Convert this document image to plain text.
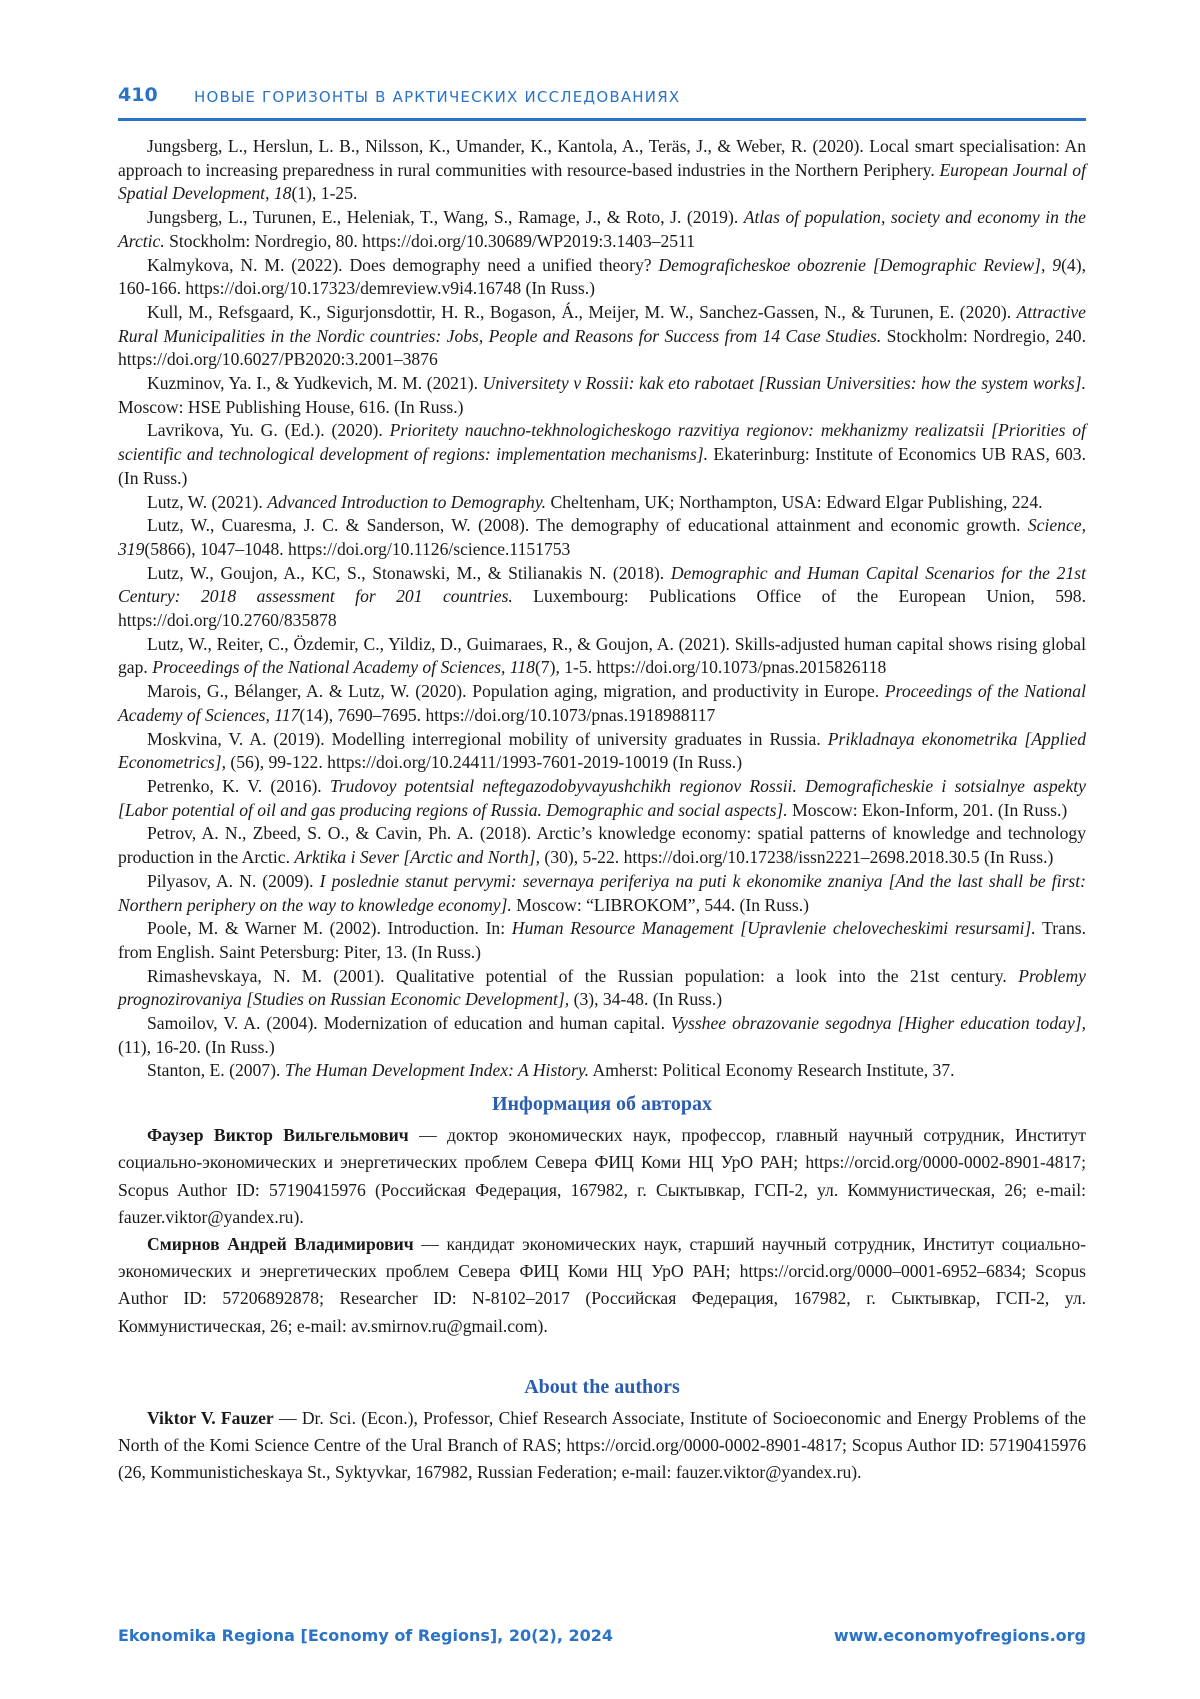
410 НОВЫЕ ГОРИЗОНТЫ В АРКТИЧЕСКИХ ИССЛЕДОВАНИЯХ

Jungsberg, L., Herslun, L. B., Nilsson, K., Umander, K., Kantola, A., Teräs, J., & Weber, R. (2020). Local smart specialisation: An approach to increasing preparedness in rural communities with resource-based industries in the Northern Periphery. European Journal of Spatial Development, 18(1), 1-25.

Jungsberg, L., Turunen, E., Heleniak, T., Wang, S., Ramage, J., & Roto, J. (2019). Atlas of population, society and economy in the Arctic. Stockholm: Nordregio, 80. https://doi.org/10.30689/WP2019:3.1403–2511

Kalmykova, N. M. (2022). Does demography need a unified theory? Demograficheskoe obozrenie [Demographic Review], 9(4), 160-166. https://doi.org/10.17323/demreview.v9i4.16748 (In Russ.)

Kull, M., Refsgaard, K., Sigurjonsdottir, H. R., Bogason, Á., Meijer, M. W., Sanchez-Gassen, N., & Turunen, E. (2020). Attractive Rural Municipalities in the Nordic countries: Jobs, People and Reasons for Success from 14 Case Studies. Stockholm: Nordregio, 240. https://doi.org/10.6027/PB2020:3.2001–3876

Kuzminov, Ya. I., & Yudkevich, M. M. (2021). Universitety v Rossii: kak eto rabotaet [Russian Universities: how the system works]. Moscow: HSE Publishing House, 616. (In Russ.)

Lavrikova, Yu. G. (Ed.). (2020). Prioritety nauchno-tekhnologicheskogo razvitiya regionov: mekhanizmy realizatsii [Priorities of scientific and technological development of regions: implementation mechanisms]. Ekaterinburg: Institute of Economics UB RAS, 603. (In Russ.)

Lutz, W. (2021). Advanced Introduction to Demography. Cheltenham, UK; Northampton, USA: Edward Elgar Publishing, 224.

Lutz, W., Cuaresma, J. C. & Sanderson, W. (2008). The demography of educational attainment and economic growth. Science, 319(5866), 1047–1048. https://doi.org/10.1126/science.1151753

Lutz, W., Goujon, A., KC, S., Stonawski, M., & Stilianakis N. (2018). Demographic and Human Capital Scenarios for the 21st Century: 2018 assessment for 201 countries. Luxembourg: Publications Office of the European Union, 598. https://doi.org/10.2760/835878

Lutz, W., Reiter, C., Özdemir, C., Yildiz, D., Guimaraes, R., & Goujon, A. (2021). Skills-adjusted human capital shows rising global gap. Proceedings of the National Academy of Sciences, 118(7), 1-5. https://doi.org/10.1073/pnas.2015826118

Marois, G., Bélanger, A. & Lutz, W. (2020). Population aging, migration, and productivity in Europe. Proceedings of the National Academy of Sciences, 117(14), 7690–7695. https://doi.org/10.1073/pnas.1918988117

Moskvina, V. A. (2019). Modelling interregional mobility of university graduates in Russia. Prikladnaya ekonometrika [Applied Econometrics], (56), 99-122. https://doi.org/10.24411/1993-7601-2019-10019 (In Russ.)

Petrenko, K. V. (2016). Trudovoy potentsial neftegazodobyvayushchikh regionov Rossii. Demograficheskie i sotsialnye aspekty [Labor potential of oil and gas producing regions of Russia. Demographic and social aspects]. Moscow: Ekon-Inform, 201. (In Russ.)

Petrov, A. N., Zbeed, S. O., & Cavin, Ph. A. (2018). Arctic’s knowledge economy: spatial patterns of knowledge and technology production in the Arctic. Arktika i Sever [Arctic and North], (30), 5-22. https://doi.org/10.17238/issn2221–2698.2018.30.5 (In Russ.)

Pilyasov, A. N. (2009). I poslednie stanut pervymi: severnaya periferiya na puti k ekonomike znaniya [And the last shall be first: Northern periphery on the way to knowledge economy]. Moscow: “LIBROKOM”, 544. (In Russ.)

Poole, M. & Warner M. (2002). Introduction. In: Human Resource Management [Upravlenie chelovecheskimi resursami]. Trans. from English. Saint Petersburg: Piter, 13. (In Russ.)

Rimashevskaya, N. M. (2001). Qualitative potential of the Russian population: a look into the 21st century. Problemy prognozirovaniya [Studies on Russian Economic Development], (3), 34-48. (In Russ.)

Samoilov, V. A. (2004). Modernization of education and human capital. Vysshee obrazovanie segodnya [Higher education today], (11), 16-20. (In Russ.)

Stanton, E. (2007). The Human Development Index: A History. Amherst: Political Economy Research Institute, 37.

Информация об авторах

Фаузер Виктор Вильгельмович — доктор экономических наук, профессор, главный научный сотрудник, Институт социально-экономических и энергетических проблем Севера ФИЦ Коми НЦ УрО РАН; https://orcid.org/0000-0002-8901-4817; Scopus Author ID: 57190415976 (Российская Федерация, 167982, г. Сыктывкар, ГСП-2, ул. Коммунистическая, 26; e-mail: fauzer.viktor@yandex.ru).

Смирнов Андрей Владимирович — кандидат экономических наук, старший научный сотрудник, Институт социально-экономических и энергетических проблем Севера ФИЦ Коми НЦ УрО РАН; https://orcid.org/0000–0001-6952–6834; Scopus Author ID: 57206892878; Researcher ID: N-8102–2017 (Российская Федерация, 167982, г. Сыктывкар, ГСП-2, ул. Коммунистическая, 26; e-mail: av.smirnov.ru@gmail.com).

About the authors

Viktor V. Fauzer — Dr. Sci. (Econ.), Professor, Chief Research Associate, Institute of Socioeconomic and Energy Problems of the North of the Komi Science Centre of the Ural Branch of RAS; https://orcid.org/0000-0002-8901-4817; Scopus Author ID: 57190415976 (26, Kommunisticheskaya St., Syktyvkar, 167982, Russian Federation; e-mail: fauzer.viktor@yandex.ru).

Ekonomika Regiona [Economy of Regions], 20(2), 2024	www.economyofregions.org
